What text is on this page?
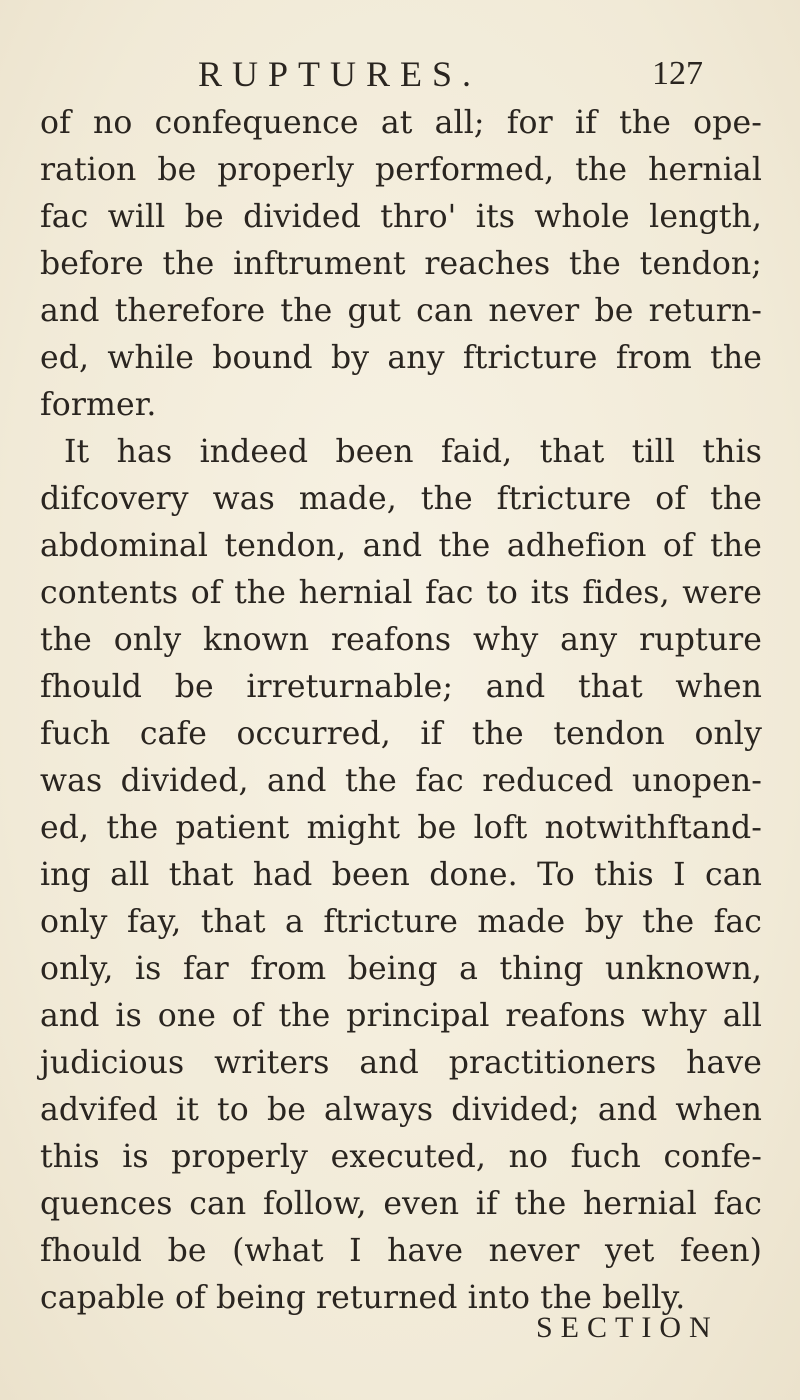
RUPTURES.	127
of no confequence at all; for if the ope-
ration be properly performed, the hernial
fac will be divided thro' its whole length,
before the inftrument reaches the tendon;
and therefore the gut can never be return-
ed, while bound by any ftricture from the
former.
It has indeed been faid, that till this
difcovery was made, the ftricture of the
abdominal tendon, and the adhefion of the
contents of the hernial fac to its fides, were
the only known reafons why any rupture
fhould be irreturnable; and that when
fuch cafe occurred, if the tendon only
was divided, and the fac reduced unopen-
ed, the patient might be loft notwithftand-
ing all that had been done. To this I can
only fay, that a ftricture made by the fac
only, is far from being a thing unknown,
and is one of the principal reafons why all
judicious writers and practitioners have
advifed it to be always divided; and when
this is properly executed, no fuch confe-
quences can follow, even if the hernial fac
fhould be (what I have never yet feen)
capable of being returned into the belly.
SECTION
